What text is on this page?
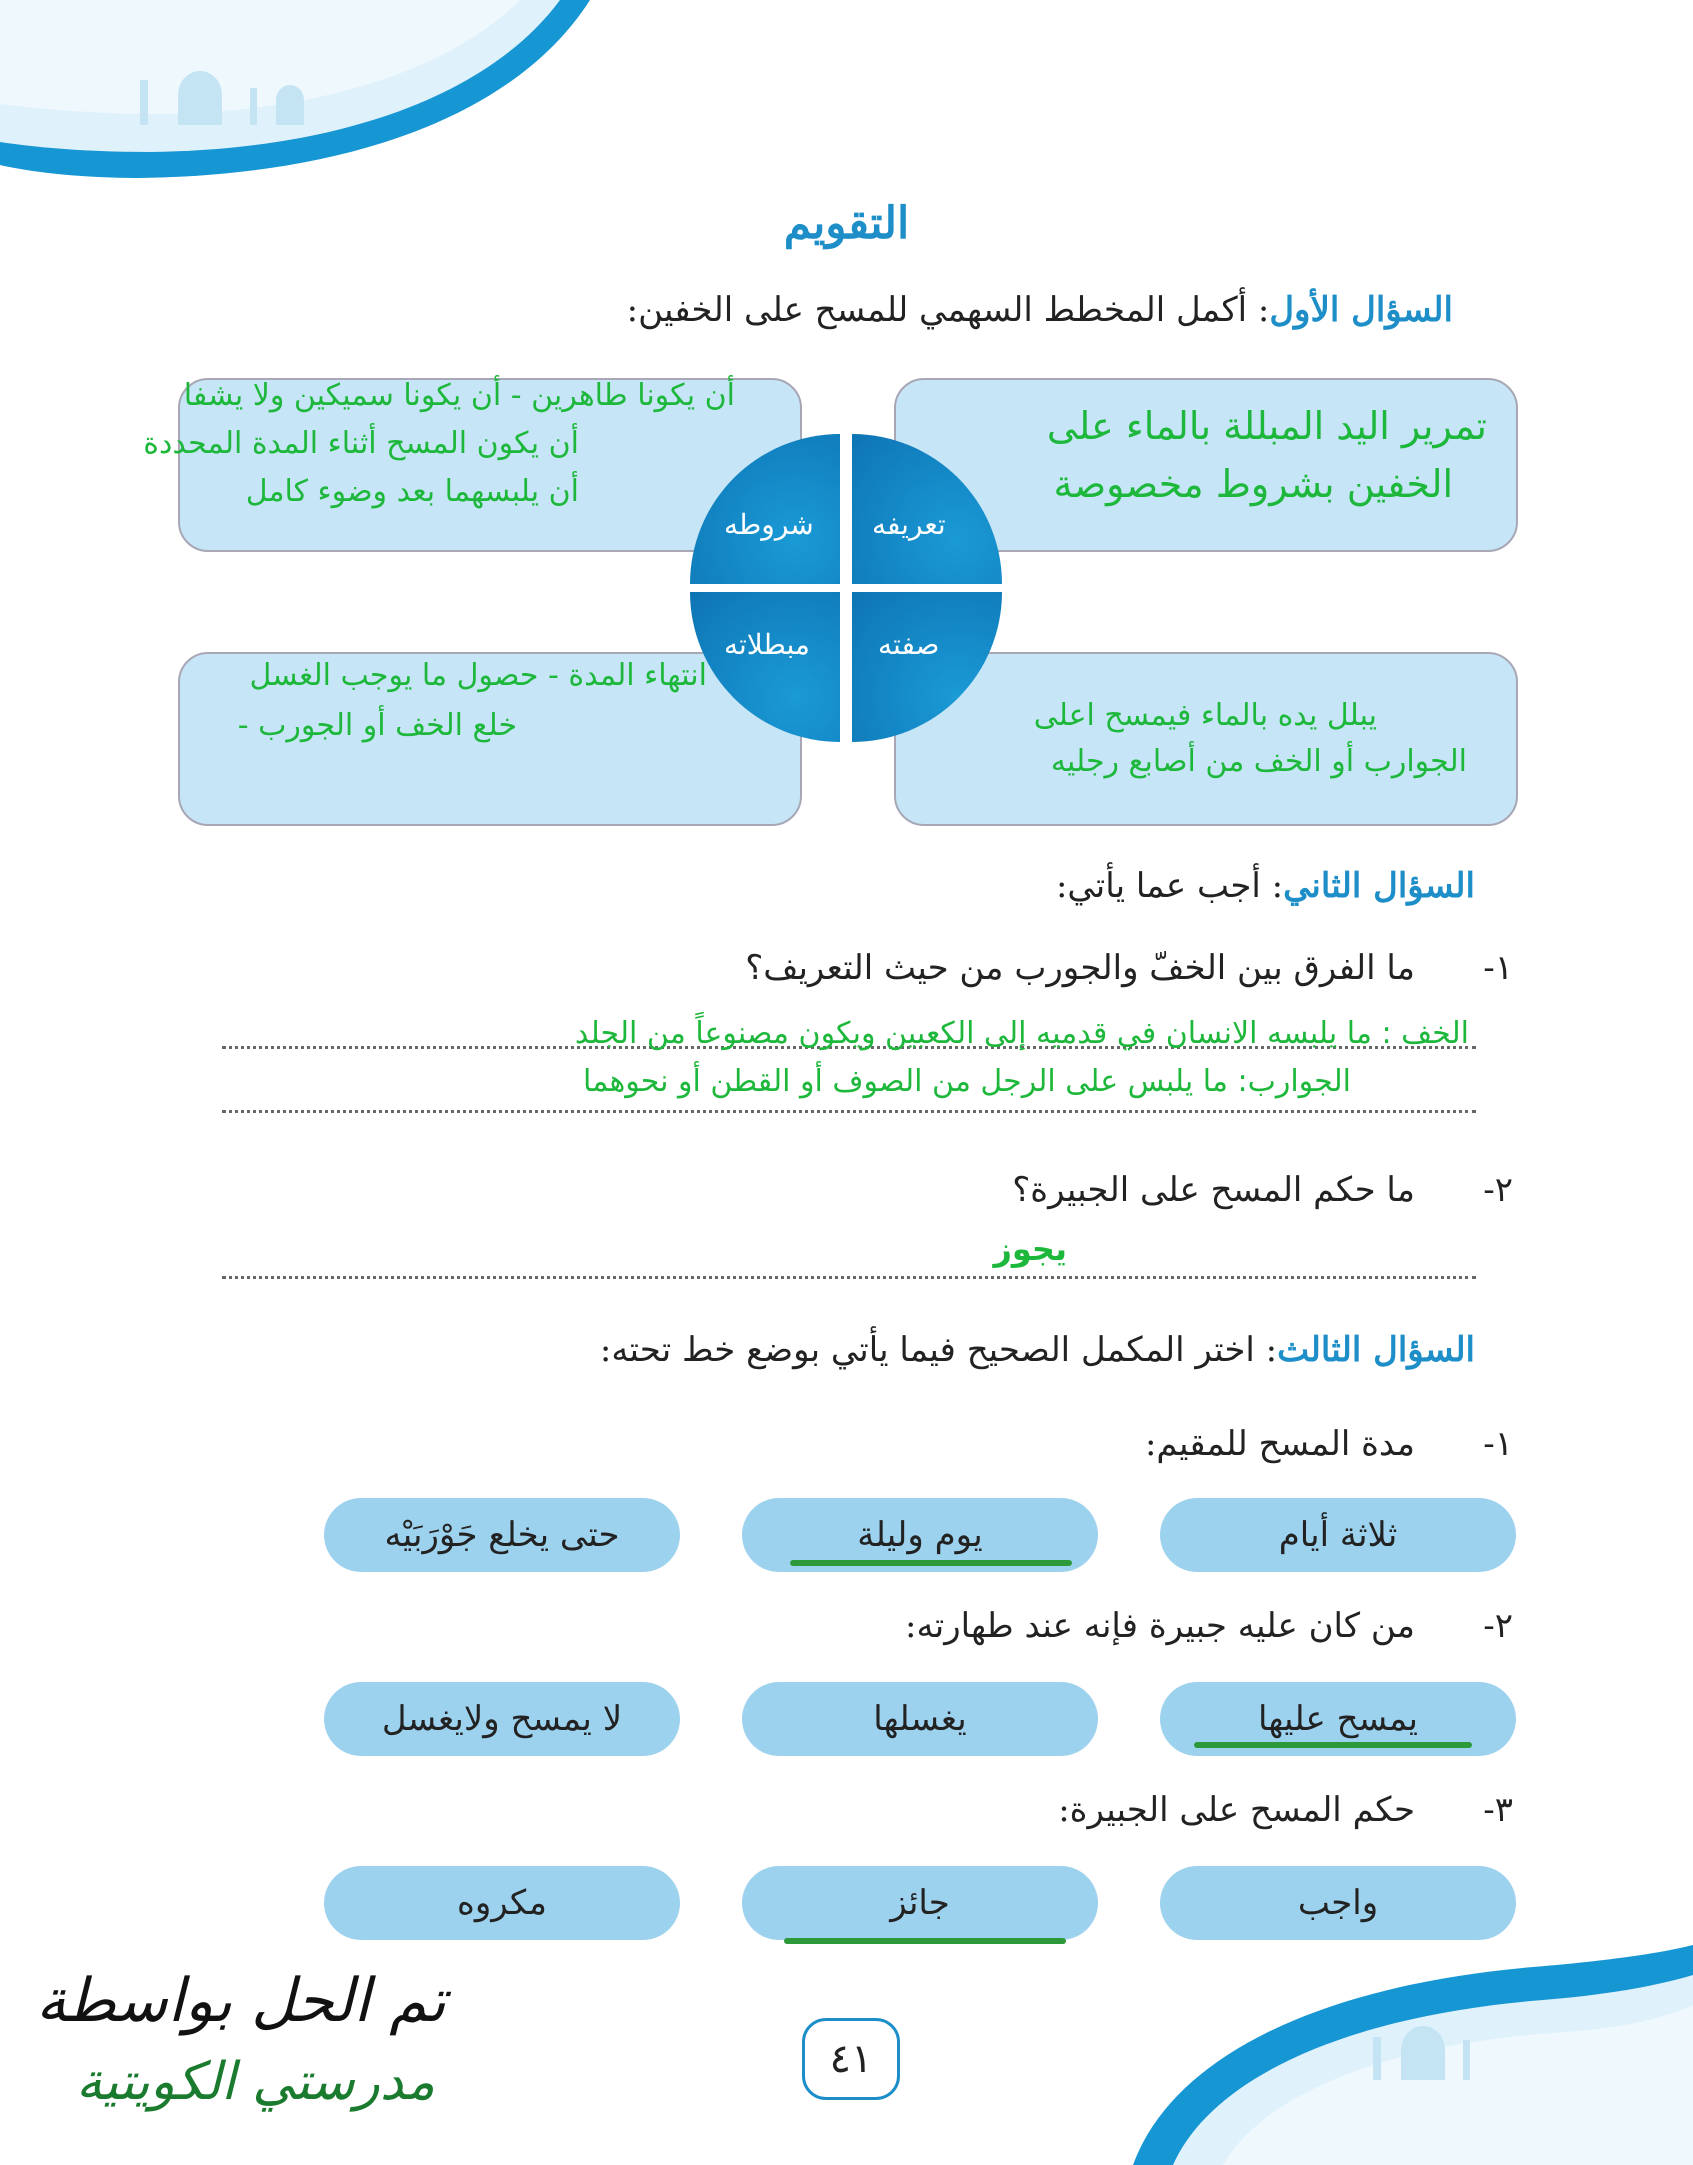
التقويم
السؤال الأول: أكمل المخطط السهمي للمسح على الخفين:
تعريفه
شروطه
صفته
مبطلاته
تمرير اليد المبللة بالماء على
الخفين بشروط مخصوصة
أن يكونا طاهرين - أن يكونا سميكين ولا يشفا
أن يكون المسح أثناء المدة المحددة
أن يلبسهما بعد وضوء كامل
انتهاء المدة - حصول ما يوجب الغسل
خلع الخف أو الجورب -	يبلل يده بالماء فيمسح اعلى
الجوارب أو الخف من أصابع رجليه
السؤال الثاني: أجب عما يأتي:
١-
ما الفرق بين الخفّ والجورب من حيث التعريف؟
الخف : ما يلبسه الانسان في قدميه إلى الكعبين ويكون مصنوعاً من الجلد
الجوارب: ما يلبس على الرجل من الصوف أو القطن أو نحوهما
٢-
ما حكم المسح على الجبيرة؟
يجوز
السؤال الثالث: اختر المكمل الصحيح فيما يأتي بوضع خط تحته:
١-
مدة المسح للمقيم:
ثلاثة أيام
يوم وليلة
حتى يخلع جَوْرَبَيْه
٢-
من كان عليه جبيرة فإنه عند طهارته:
يمسح عليها
يغسلها
لا يمسح ولايغسل
٣-
حكم المسح على الجبيرة:
واجب
جائز
مكروه
تم الحل بواسطة
مدرستي الكويتية	٤١
